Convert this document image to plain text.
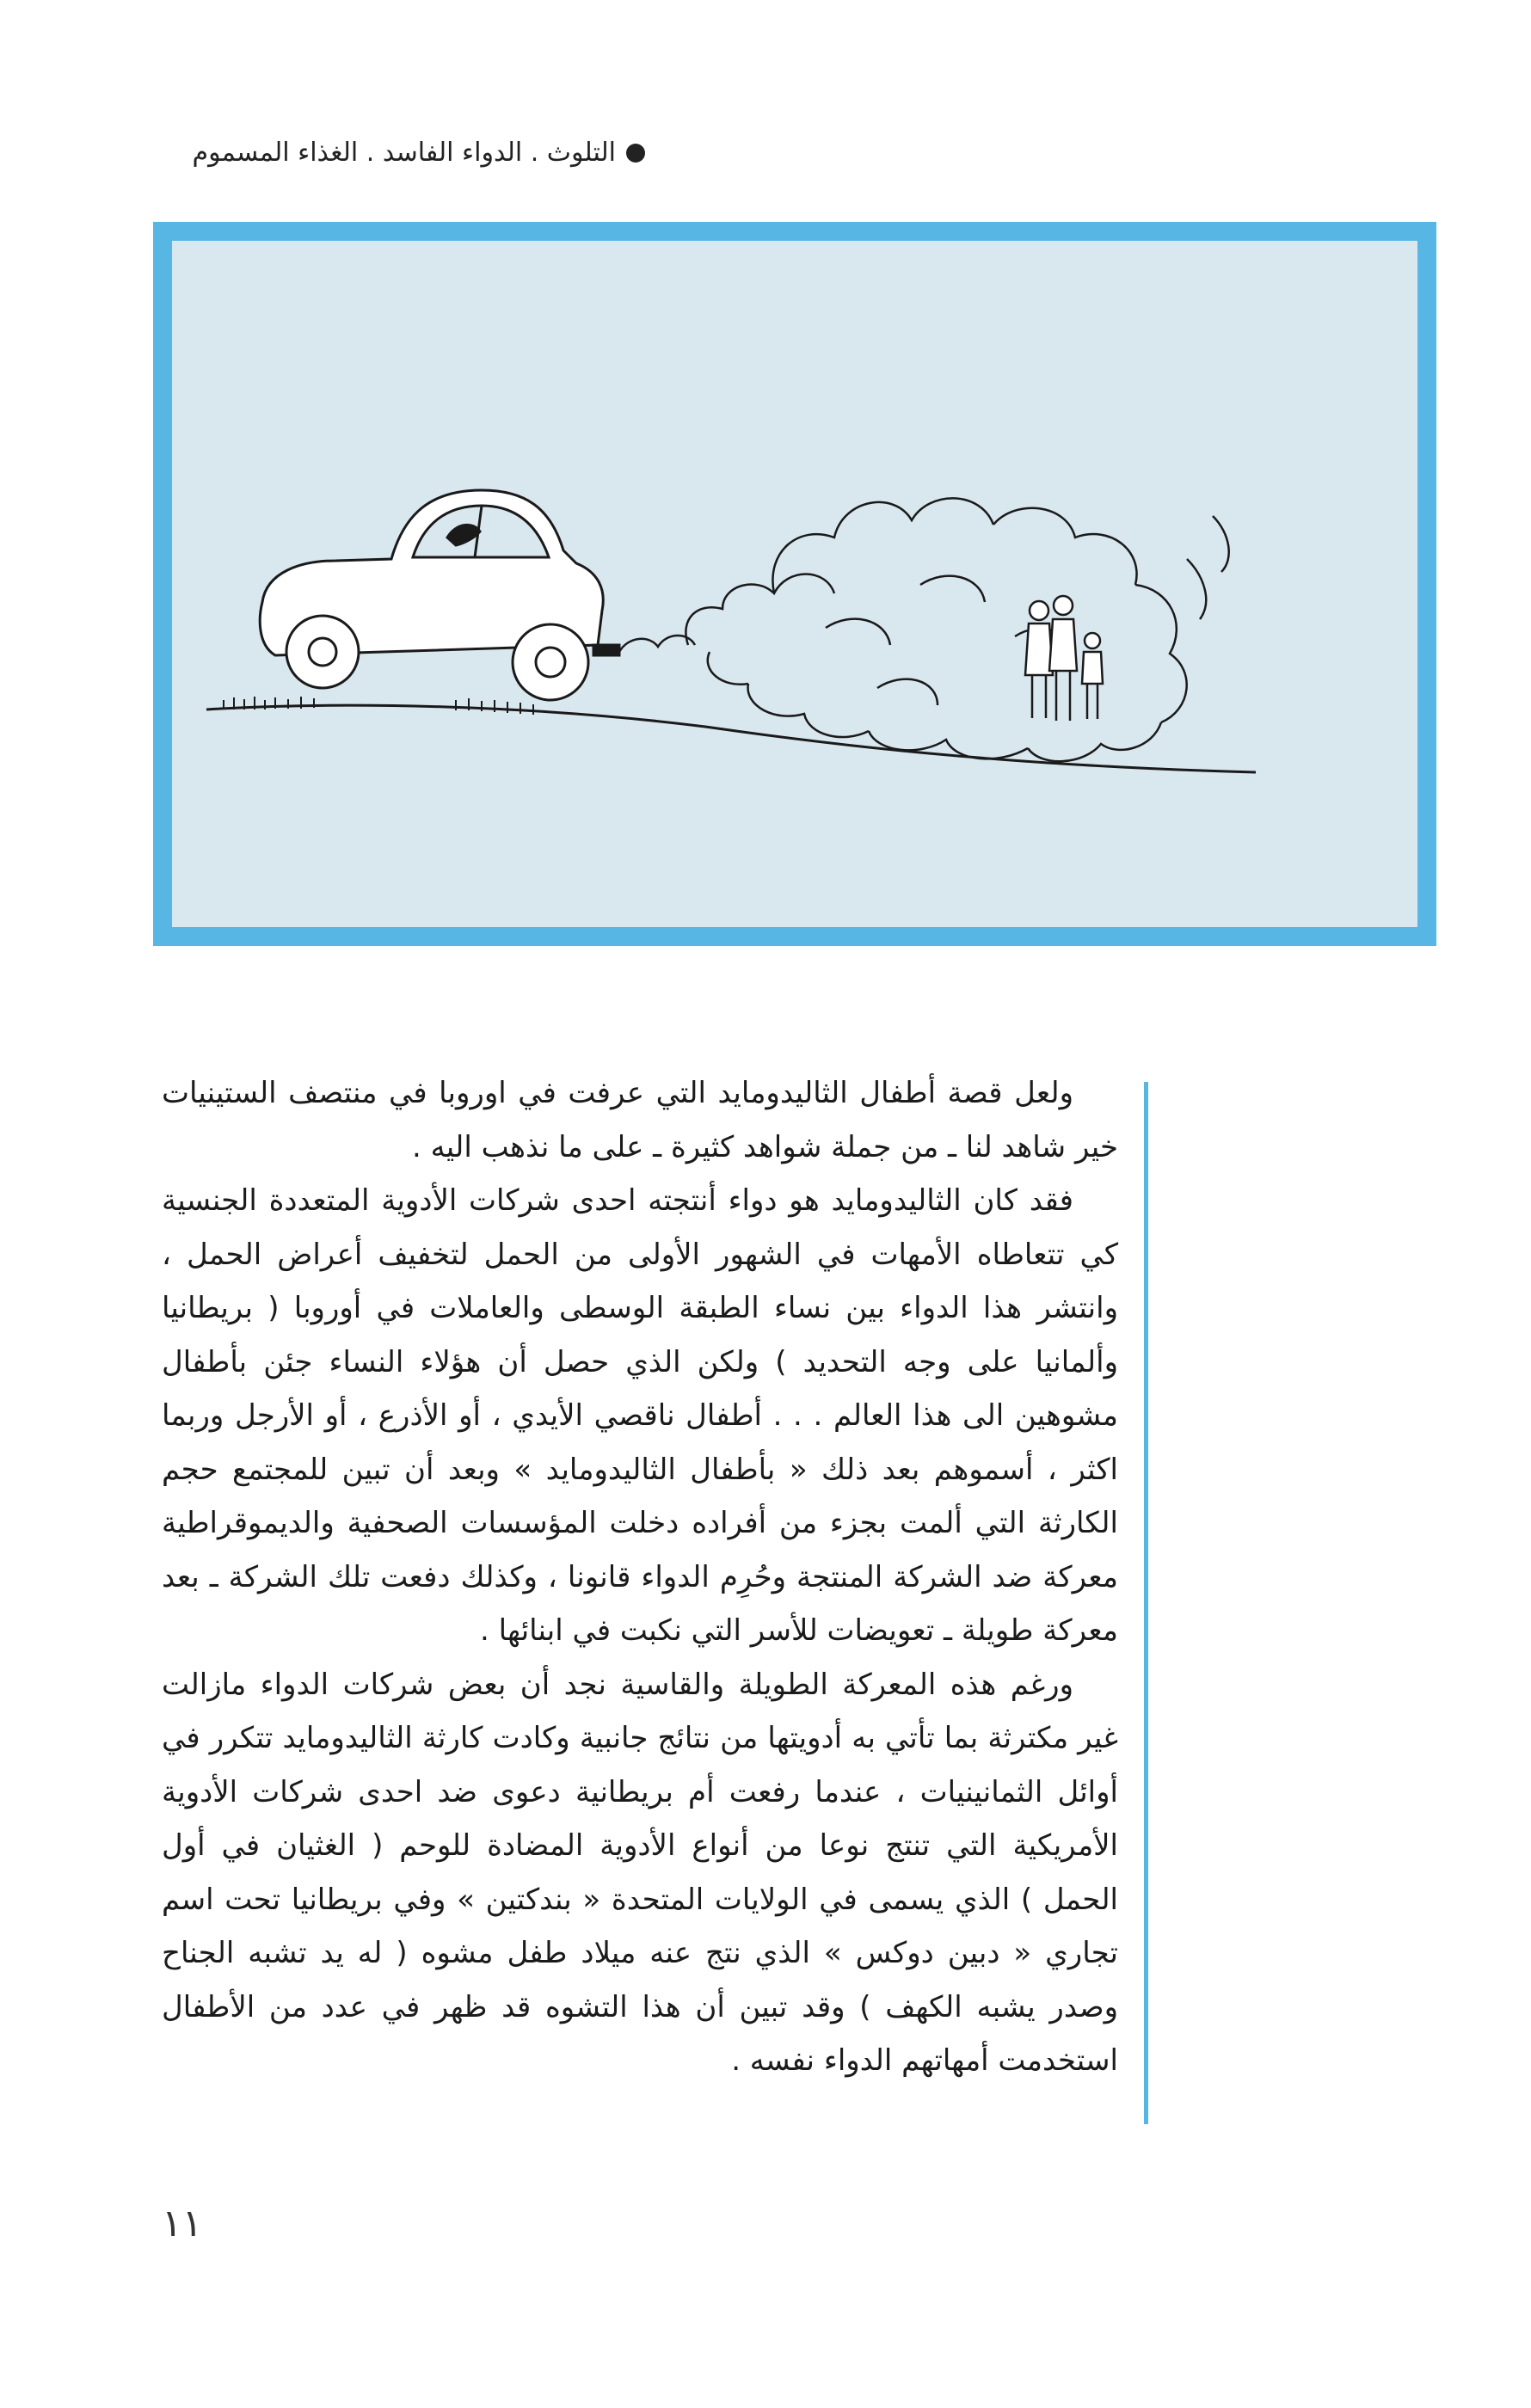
التلوث . الدواء الفاسد . الغذاء المسموم

ولعل قصة أطفال الثاليدومايد التي عرفت في اوروبا في منتصف الستينيات خير شاهد لنا ـ من جملة شواهد كثيرة ـ على ما نذهب اليه .

فقد كان الثاليدومايد هو دواء أنتجته احدى شركات الأدوية المتعددة الجنسية كي تتعاطاه الأمهات في الشهور الأولى من الحمل لتخفيف أعراض الحمل ، وانتشر هذا الدواء بين نساء الطبقة الوسطى والعاملات في أوروبا ( بريطانيا وألمانيا على وجه التحديد ) ولكن الذي حصل أن هؤلاء النساء جئن بأطفال مشوهين الى هذا العالم . . . أطفال ناقصي الأيدي ، أو الأذرع ، أو الأرجل وربما اكثر ، أسموهم بعد ذلك « بأطفال الثاليدومايد » وبعد أن تبين للمجتمع حجم الكارثة التي ألمت بجزء من أفراده دخلت المؤسسات الصحفية والديموقراطية معركة ضد الشركة المنتجة وحُرِم الدواء قانونا ، وكذلك دفعت تلك الشركة ـ بعد معركة طويلة ـ تعويضات للأسر التي نكبت في ابنائها .

ورغم هذه المعركة الطويلة والقاسية نجد أن بعض شركات الدواء مازالت غير مكترثة بما تأتي به أدويتها من نتائج جانبية وكادت كارثة الثاليدومايد تتكرر في أوائل الثمانينيات ، عندما رفعت أم بريطانية دعوى ضد احدى شركات الأدوية الأمريكية التي تنتج نوعا من أنواع الأدوية المضادة للوحم ( الغثيان في أول الحمل ) الذي يسمى في الولايات المتحدة « بندكتين » وفي بريطانيا تحت اسم تجاري « دبين دوكس » الذي نتج عنه ميلاد طفل مشوه ( له يد تشبه الجناح وصدر يشبه الكهف ) وقد تبين أن هذا التشوه قد ظهر في عدد من الأطفال استخدمت أمهاتهم الدواء نفسه .

١١
